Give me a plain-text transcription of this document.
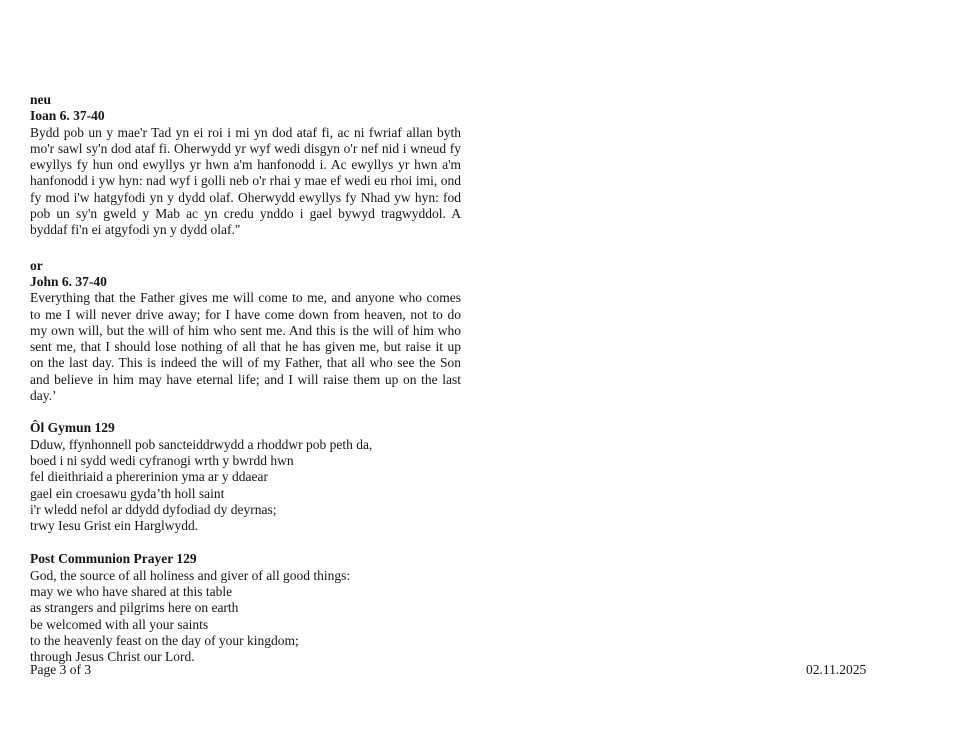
neu
Ioan 6. 37-40
Bydd pob un y mae'r Tad yn ei roi i mi yn dod ataf fi, ac ni fwriaf allan byth
mo'r sawl sy'n dod ataf fi. Oherwydd yr wyf wedi disgyn o'r nef nid i wneud fy
ewyllys fy hun ond ewyllys yr hwn a'm hanfonodd i. Ac ewyllys yr hwn a'm
hanfonodd i yw hyn: nad wyf i golli neb o'r rhai y mae ef wedi eu rhoi imi, ond
fy mod i'w hatgyfodi yn y dydd olaf. Oherwydd ewyllys fy Nhad yw hyn: fod
pob un sy'n gweld y Mab ac yn credu ynddo i gael bywyd tragwyddol. A
byddaf fi'n ei atgyfodi yn y dydd olaf."
or
John 6. 37-40
Everything that the Father gives me will come to me, and anyone who comes
to me I will never drive away; for I have come down from heaven, not to do
my own will, but the will of him who sent me. And this is the will of him who
sent me, that I should lose nothing of all that he has given me, but raise it up
on the last day. This is indeed the will of my Father, that all who see the Son
and believe in him may have eternal life; and I will raise them up on the last
day.’
Ôl Gymun 129
Dduw, ffynhonnell pob sancteiddrwydd a rhoddwr pob peth da,
boed i ni sydd wedi cyfranogi wrth y bwrdd hwn
fel dieithriaid a phererinion yma ar y ddaear
gael ein croesawu gyda’th holl saint
i'r wledd nefol ar ddydd dyfodiad dy deyrnas;
trwy Iesu Grist ein Harglwydd.
Post Communion Prayer 129
God, the source of all holiness and giver of all good things:
may we who have shared at this table
as strangers and pilgrims here on earth
be welcomed with all your saints
to the heavenly feast on the day of your kingdom;
through Jesus Christ our Lord.
Page 3 of 3	02.11.2025
